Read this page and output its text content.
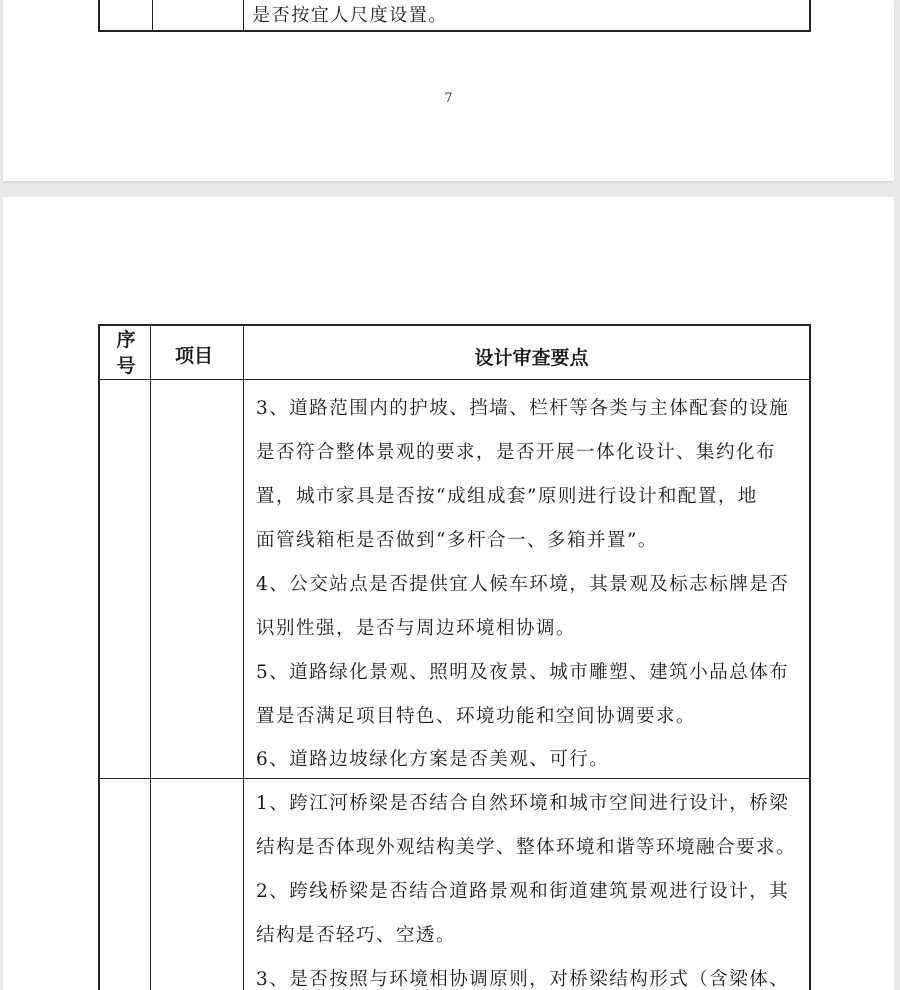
是否按宜人尺度设置。
7
序
号	项目	设计审查要点
3、道路范围内的护坡、挡墙、栏杆等各类与主体配套的设施
是否符合整体景观的要求，是否开展一体化设计、集约化布
置，城市家具是否按“成组成套”原则进行设计和配置，地
面管线箱柜是否做到“多杆合一、多箱并置”。
4、公交站点是否提供宜人候车环境，其景观及标志标牌是否
识别性强，是否与周边环境相协调。
5、道路绿化景观、照明及夜景、城市雕塑、建筑小品总体布
置是否满足项目特色、环境功能和空间协调要求。
6、道路边坡绿化方案是否美观、可行。
1、跨江河桥梁是否结合自然环境和城市空间进行设计，桥梁
结构是否体现外观结构美学、整体环境和谐等环境融合要求。
2、跨线桥梁是否结合道路景观和街道建筑景观进行设计，其
结构是否轻巧、空透。
3、是否按照与环境相协调原则，对桥梁结构形式（含梁体、
